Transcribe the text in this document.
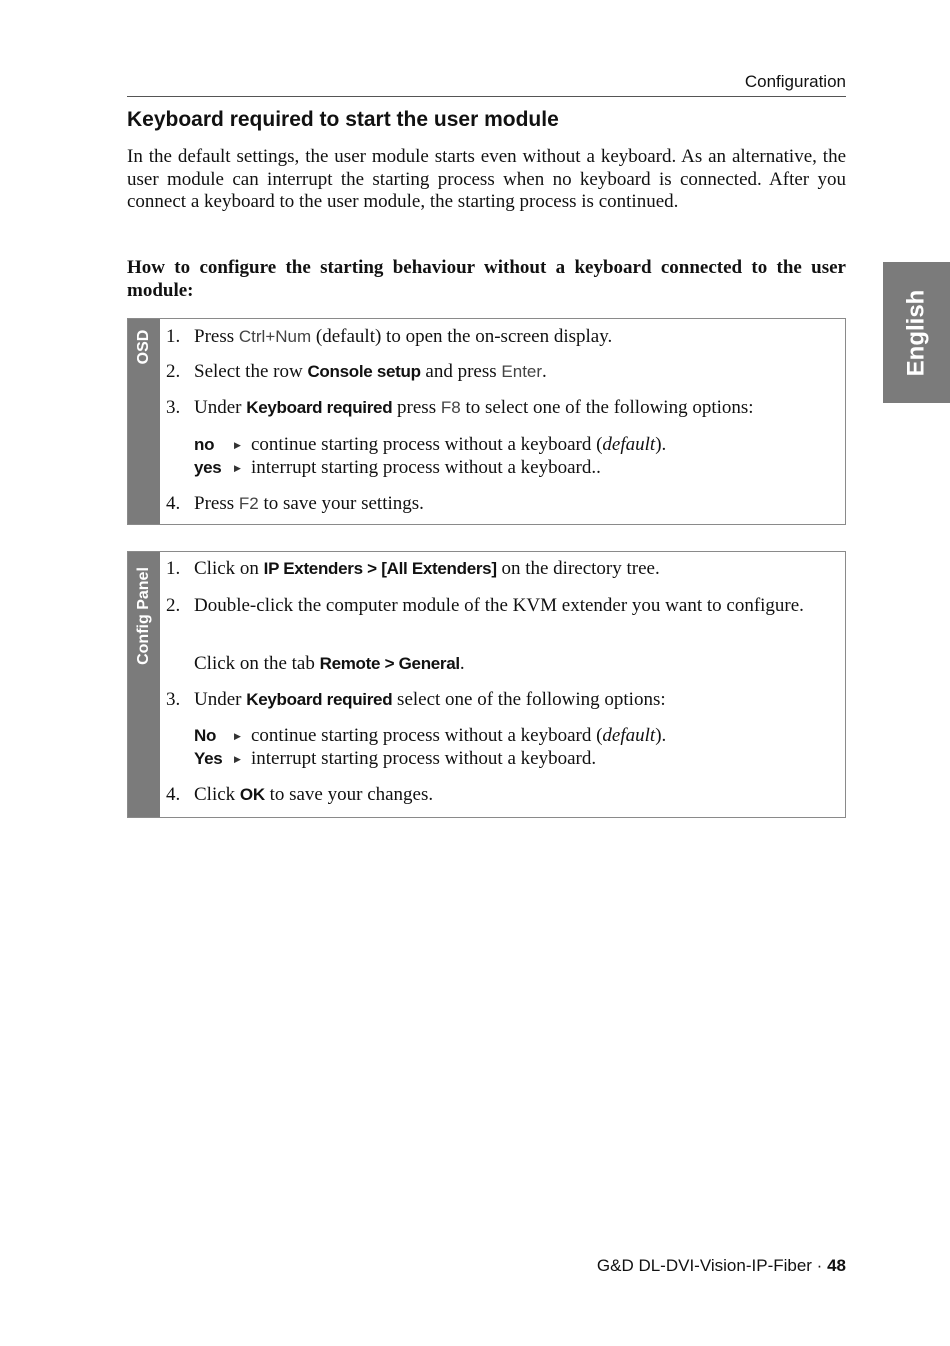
Configuration
English
Keyboard required to start the user module

In the default settings, the user module starts even without a keyboard. As an alternative, the user module can interrupt the starting process when no keyboard is connected. After you connect a keyboard to the user module, the starting process is continued.

How to configure the starting behaviour without a keyboard connected to the user module:

OSD 1. Press Ctrl+Num (default) to open the on-screen display.
2. Select the row Console setup and press Enter.
3. Under Keyboard required press F8 to select one of the following options:
no ▶ continue starting process without a keyboard (default).
yes ▶ interrupt starting process without a keyboard..
4. Press F2 to save your settings.
Config Panel 1. Click on IP Extenders > [All Extenders] on the directory tree.
2. Double-click the computer module of the KVM extender you want to configure.
Click on the tab Remote > General.
3. Under Keyboard required select one of the following options:
No ▶ continue starting process without a keyboard (default).
Yes ▶ interrupt starting process without a keyboard.
4. Click OK to save your changes.
G&D DL-DVI-Vision-IP-Fiber · 48
